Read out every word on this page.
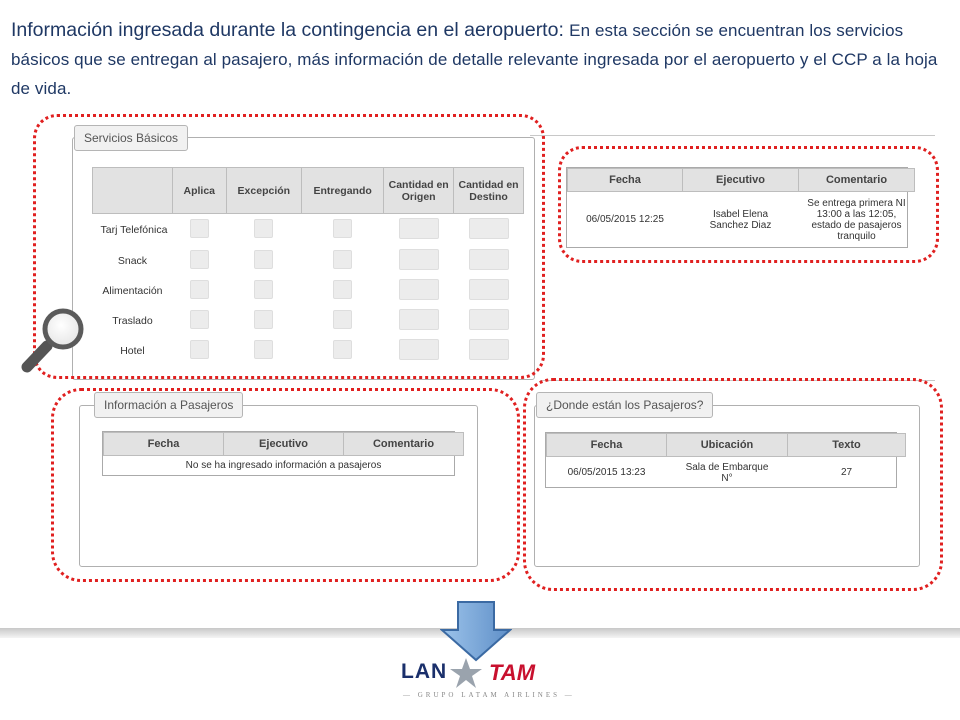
Información ingresada durante la contingencia en el aeropuerto: En esta sección se encuentran los servicios básicos que se entregan al pasajero, más información de detalle relevante ingresada por el aeropuerto y el CCP a la hoja de vida.
Servicios Básicos
	Aplica	Excepción	Entregando	Cantidad en Origen	Cantidad en Destino
Tarj Telefónica					
Snack					
Alimentación					
Traslado					
Hotel					
Fecha	Ejecutivo	Comentario
06/05/2015 12:25	Isabel Elena Sanchez Diaz	Se entrega primera NI 13:00 a las 12:05, estado de pasajeros tranquilo
Información a Pasajeros
Fecha	Ejecutivo	Comentario
No se ha ingresado información a pasajeros
¿Donde están los Pasajeros?
Fecha	Ubicación	Texto
06/05/2015 13:23	Sala de Embarque N°	27
LAN TAM
— GRUPO LATAM AIRLINES —
